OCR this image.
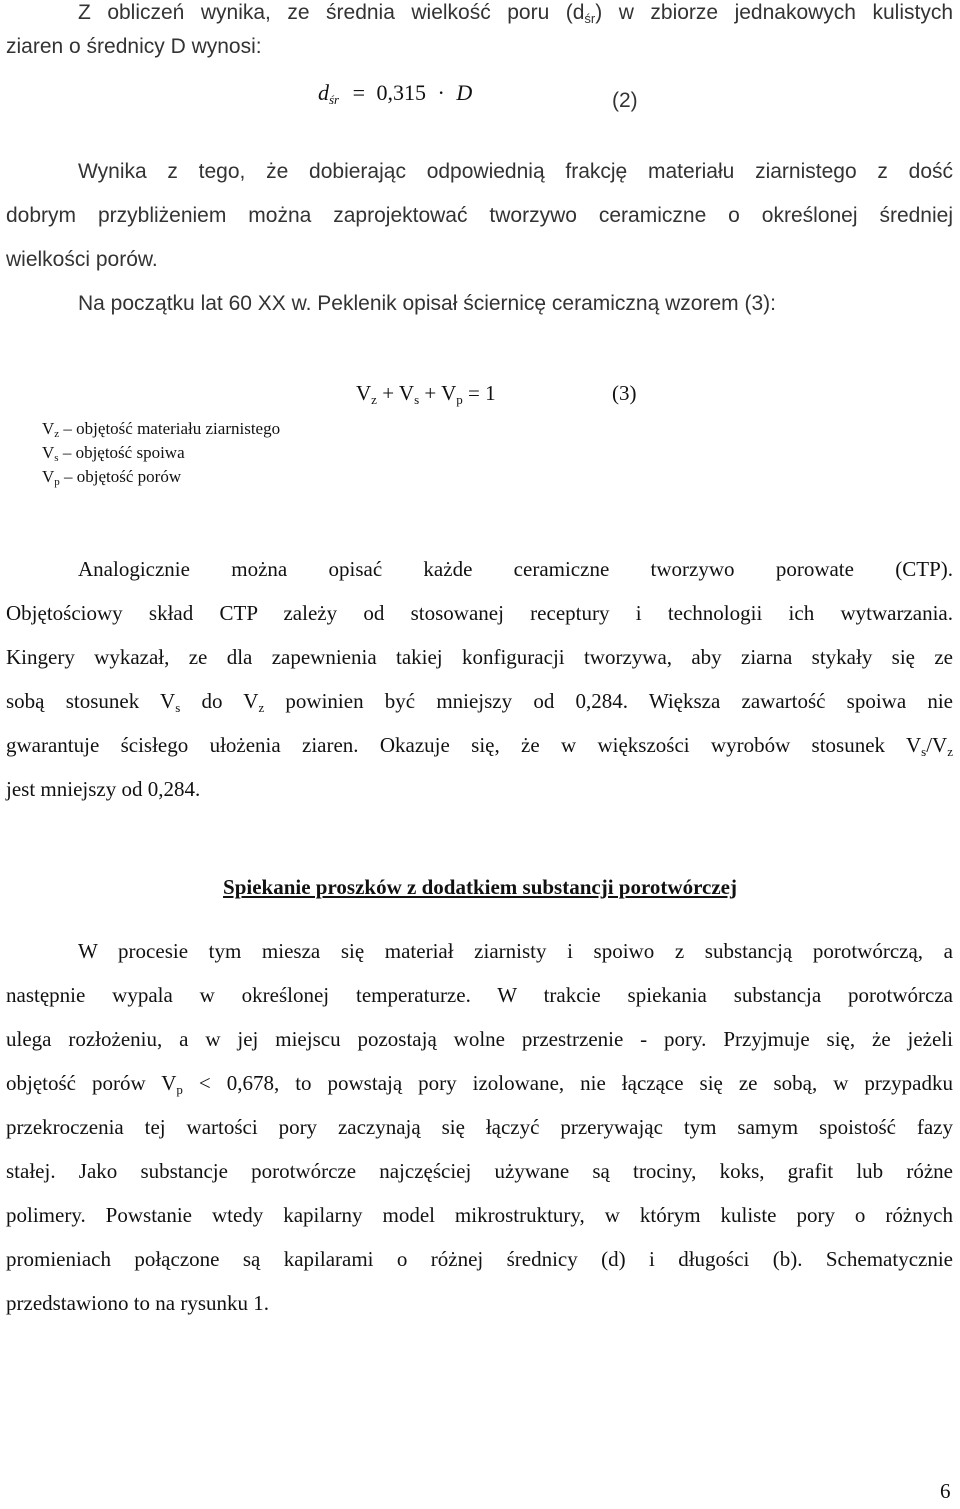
Z obliczeń wynika, ze średnia wielkość poru $(d_{śr})$ w zbiorze jednakowych kulistych
ziaren o średnicy D wynosi:
$d_{śr} = 0,315 \cdot D$	(2)
Wynika z tego, że dobierając odpowiednią frakcję materiału ziarnistego z dość
dobrym przybliżeniem można zaprojektować tworzywo ceramiczne o określonej średniej
wielkości porów.
Na początku lat 60 XX w. Peklenik opisał ściernicę ceramiczną wzorem (3):
$V_z + V_s + V_p = 1$	(3)
$V_z$ – objętość materiału ziarnistego
$V_s$ – objętość spoiwa
$V_p$ – objętość porów
Analogicznie można opisać każde ceramiczne tworzywo porowate (CTP).
Objętościowy skład CTP zależy od stosowanej receptury i technologii ich wytwarzania.
Kingery wykazał, ze dla zapewnienia takiej konfiguracji tworzywa, aby ziarna stykały się ze
sobą stosunek $V_s$ do $V_z$ powinien być mniejszy od 0,284. Większa zawartość spoiwa nie
gwarantuje ścisłego ułożenia ziaren. Okazuje się, że w większości wyrobów stosunek $V_s/V_z$
jest mniejszy od 0,284.
Spiekanie proszków z dodatkiem substancji porotwórczej
W procesie tym miesza się materiał ziarnisty i spoiwo z substancją porotwórczą, a
następnie wypala w określonej temperaturze. W trakcie spiekania substancja porotwórcza
ulega rozłożeniu, a w jej miejscu pozostają wolne przestrzenie - pory. Przyjmuje się, że jeżeli
objętość porów $V_p < 0,678$, to powstają pory izolowane, nie łączące się ze sobą, w przypadku
przekroczenia tej wartości pory zaczynają się łączyć przerywając tym samym spoistość fazy
stałej. Jako substancje porotwórcze najczęściej używane są trociny, koks, grafit lub różne
polimery. Powstanie wtedy kapilarny model mikrostruktury, w którym kuliste pory o różnych
promieniach połączone są kapilarami o różnej średnicy (d) i długości (b). Schematycznie
przedstawiono to na rysunku 1.
6
